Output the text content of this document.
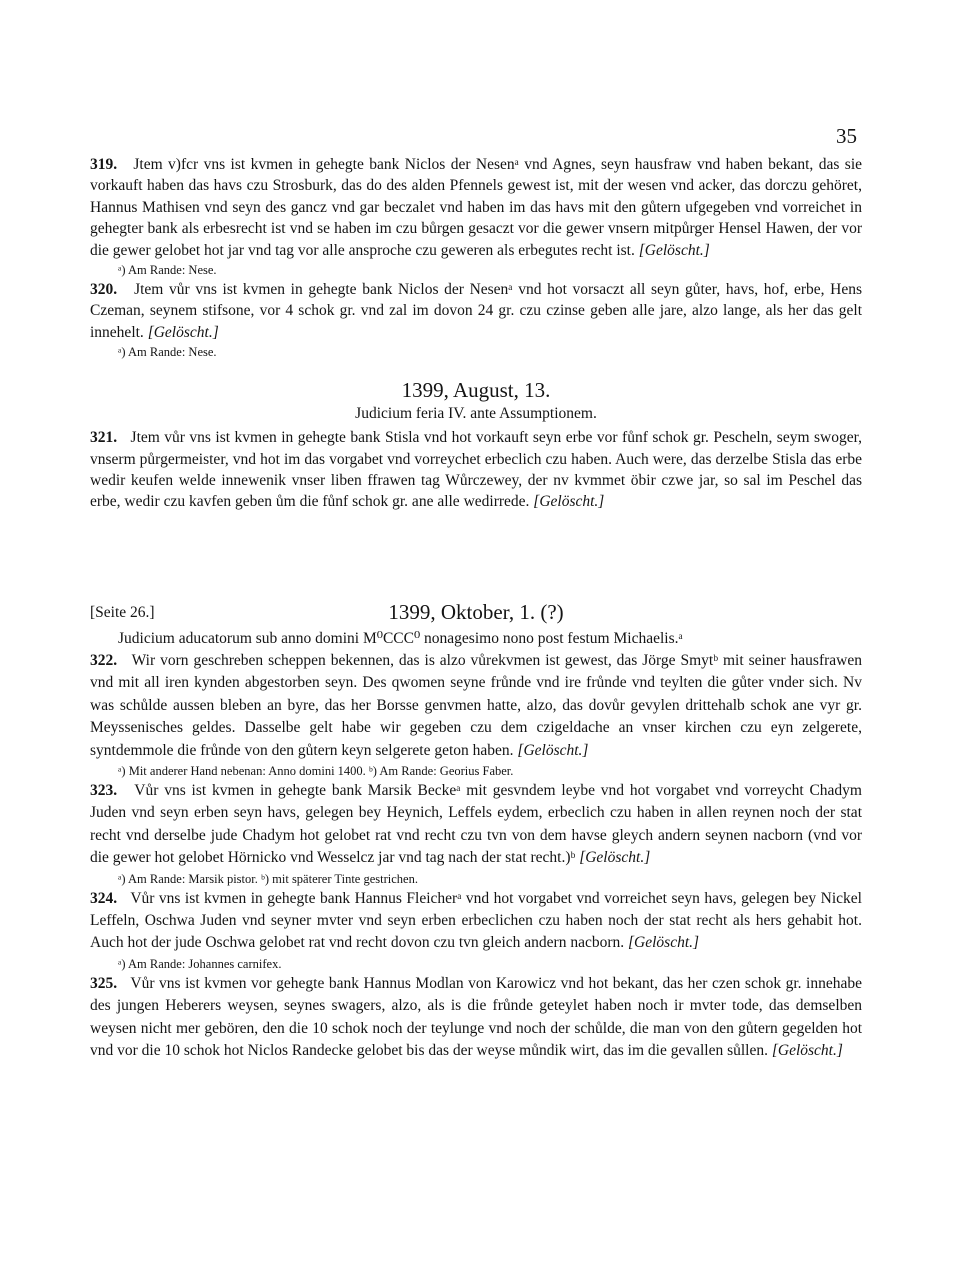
35

319. Jtem v)fcr vns ist kvmen in gehegte bank Niclos der Nesenᵃ vnd Agnes, seyn hausfraw vnd haben bekant, das sie vorkauft haben das havs czu Strosburk, das do des alden Pfennels gewest ist, mit der wesen vnd acker, das dorczu gehöret, Hannus Mathisen vnd seyn des gancz vnd gar beczalet vnd haben im das havs mit den gůtern ufgegeben vnd vorreichet in gehegter bank als erbesrecht ist vnd se haben im czu bůrgen gesaczt vor die gewer vnsern mitpůrger Hensel Hawen, der vor die gewer gelobet hot jar vnd tag vor alle ansproche czu geweren als erbegutes recht ist. [Gelöscht.]

ᵃ) Am Rande: Nese.

320. Jtem vůr vns ist kvmen in gehegte bank Niclos der Nesenᵃ vnd hot vorsaczt all seyn gůter, havs, hof, erbe, Hens Czeman, seynem stifsone, vor 4 schok gr. vnd zal im dovon 24 gr. czu czinse geben alle jare, alzo lange, als her das gelt innehelt. [Gelöscht.]

ᵃ) Am Rande: Nese.

1399, August, 13.
Judicium feria IV. ante Assumptionem.

321. Jtem vůr vns ist kvmen in gehegte bank Stisla vnd hot vorkauft seyn erbe vor fůnf schok gr. Pescheln, seym swoger, vnserm půrgermeister, vnd hot im das vorgabet vnd vorreychet erbeclich czu haben. Auch were, das derzelbe Stisla das erbe wedir keufen welde innewenik vnser liben ffrawen tag Wůrczewey, der nv kvmmet öbir czwe jar, so sal im Peschel das erbe, wedir czu kavfen geben ům die fůnf schok gr. ane alle wedirrede. [Gelöscht.]

[Seite 26.]	1399, Oktober, 1. (?)

Judicium aducatorum sub anno domini M⁰CCC⁰ nonagesimo nono post festum Michaelis.ᵃ

322. Wir vorn geschreben scheppen bekennen, das is alzo vůrekvmen ist gewest, das Jörge Smytᵇ mit seiner hausfrawen vnd mit all iren kynden abgestorben seyn. Des qwomen seyne frůnde vnd ire frůnde vnd teylten die gůter vnder sich. Nv was schůlde aussen bleben an byre, das her Borsse genvmen hatte, alzo, das dovůr gevylen drittehalb schok ane vyr gr. Meyssenisches geldes. Dasselbe gelt habe wir gegeben czu dem czigeldache an vnser kirchen czu eyn zelgerete, syntdemmole die frůnde von den gůtern keyn selgerete geton haben. [Gelöscht.]

ᵃ) Mit anderer Hand nebenan: Anno domini 1400. ᵇ) Am Rande: Georius Faber.

323. Vůr vns ist kvmen in gehegte bank Marsik Beckeᵃ mit gesvndem leybe vnd hot vorgabet vnd vorreycht Chadym Juden vnd seyn erben seyn havs, gelegen bey Heynich, Leffels eydem, erbeclich czu haben in allen reynen noch der stat recht vnd derselbe jude Chadym hot gelobet rat vnd recht czu tvn von dem havse gleych andern seynen nacborn (vnd vor die gewer hot gelobet Hörnicko vnd Wesselcz jar vnd tag nach der stat recht.)ᵇ [Gelöscht.]

ᵃ) Am Rande: Marsik pistor. ᵇ) mit späterer Tinte gestrichen.

324. Vůr vns ist kvmen in gehegte bank Hannus Fleicherᵃ vnd hot vorgabet vnd vorreichet seyn havs, gelegen bey Nickel Leffeln, Oschwa Juden vnd seyner mvter vnd seyn erben erbeclichen czu haben noch der stat recht als hers gehabit hot. Auch hot der jude Oschwa gelobet rat vnd recht dovon czu tvn gleich andern nacborn. [Gelöscht.]

ᵃ) Am Rande: Johannes carnifex.

325. Vůr vns ist kvmen vor gehegte bank Hannus Modlan von Karowicz vnd hot bekant, das her czen schok gr. innehabe des jungen Heberers weysen, seynes swagers, alzo, als is die frůnde geteylet haben noch ir mvter tode, das demselben weysen nicht mer gebören, den die 10 schok noch der teylunge vnd noch der schůlde, die man von den gůtern gegelden hot vnd vor die 10 schok hot Niclos Randecke gelobet bis das der weyse můndik wirt, das im die gevallen sůllen. [Gelöscht.]
